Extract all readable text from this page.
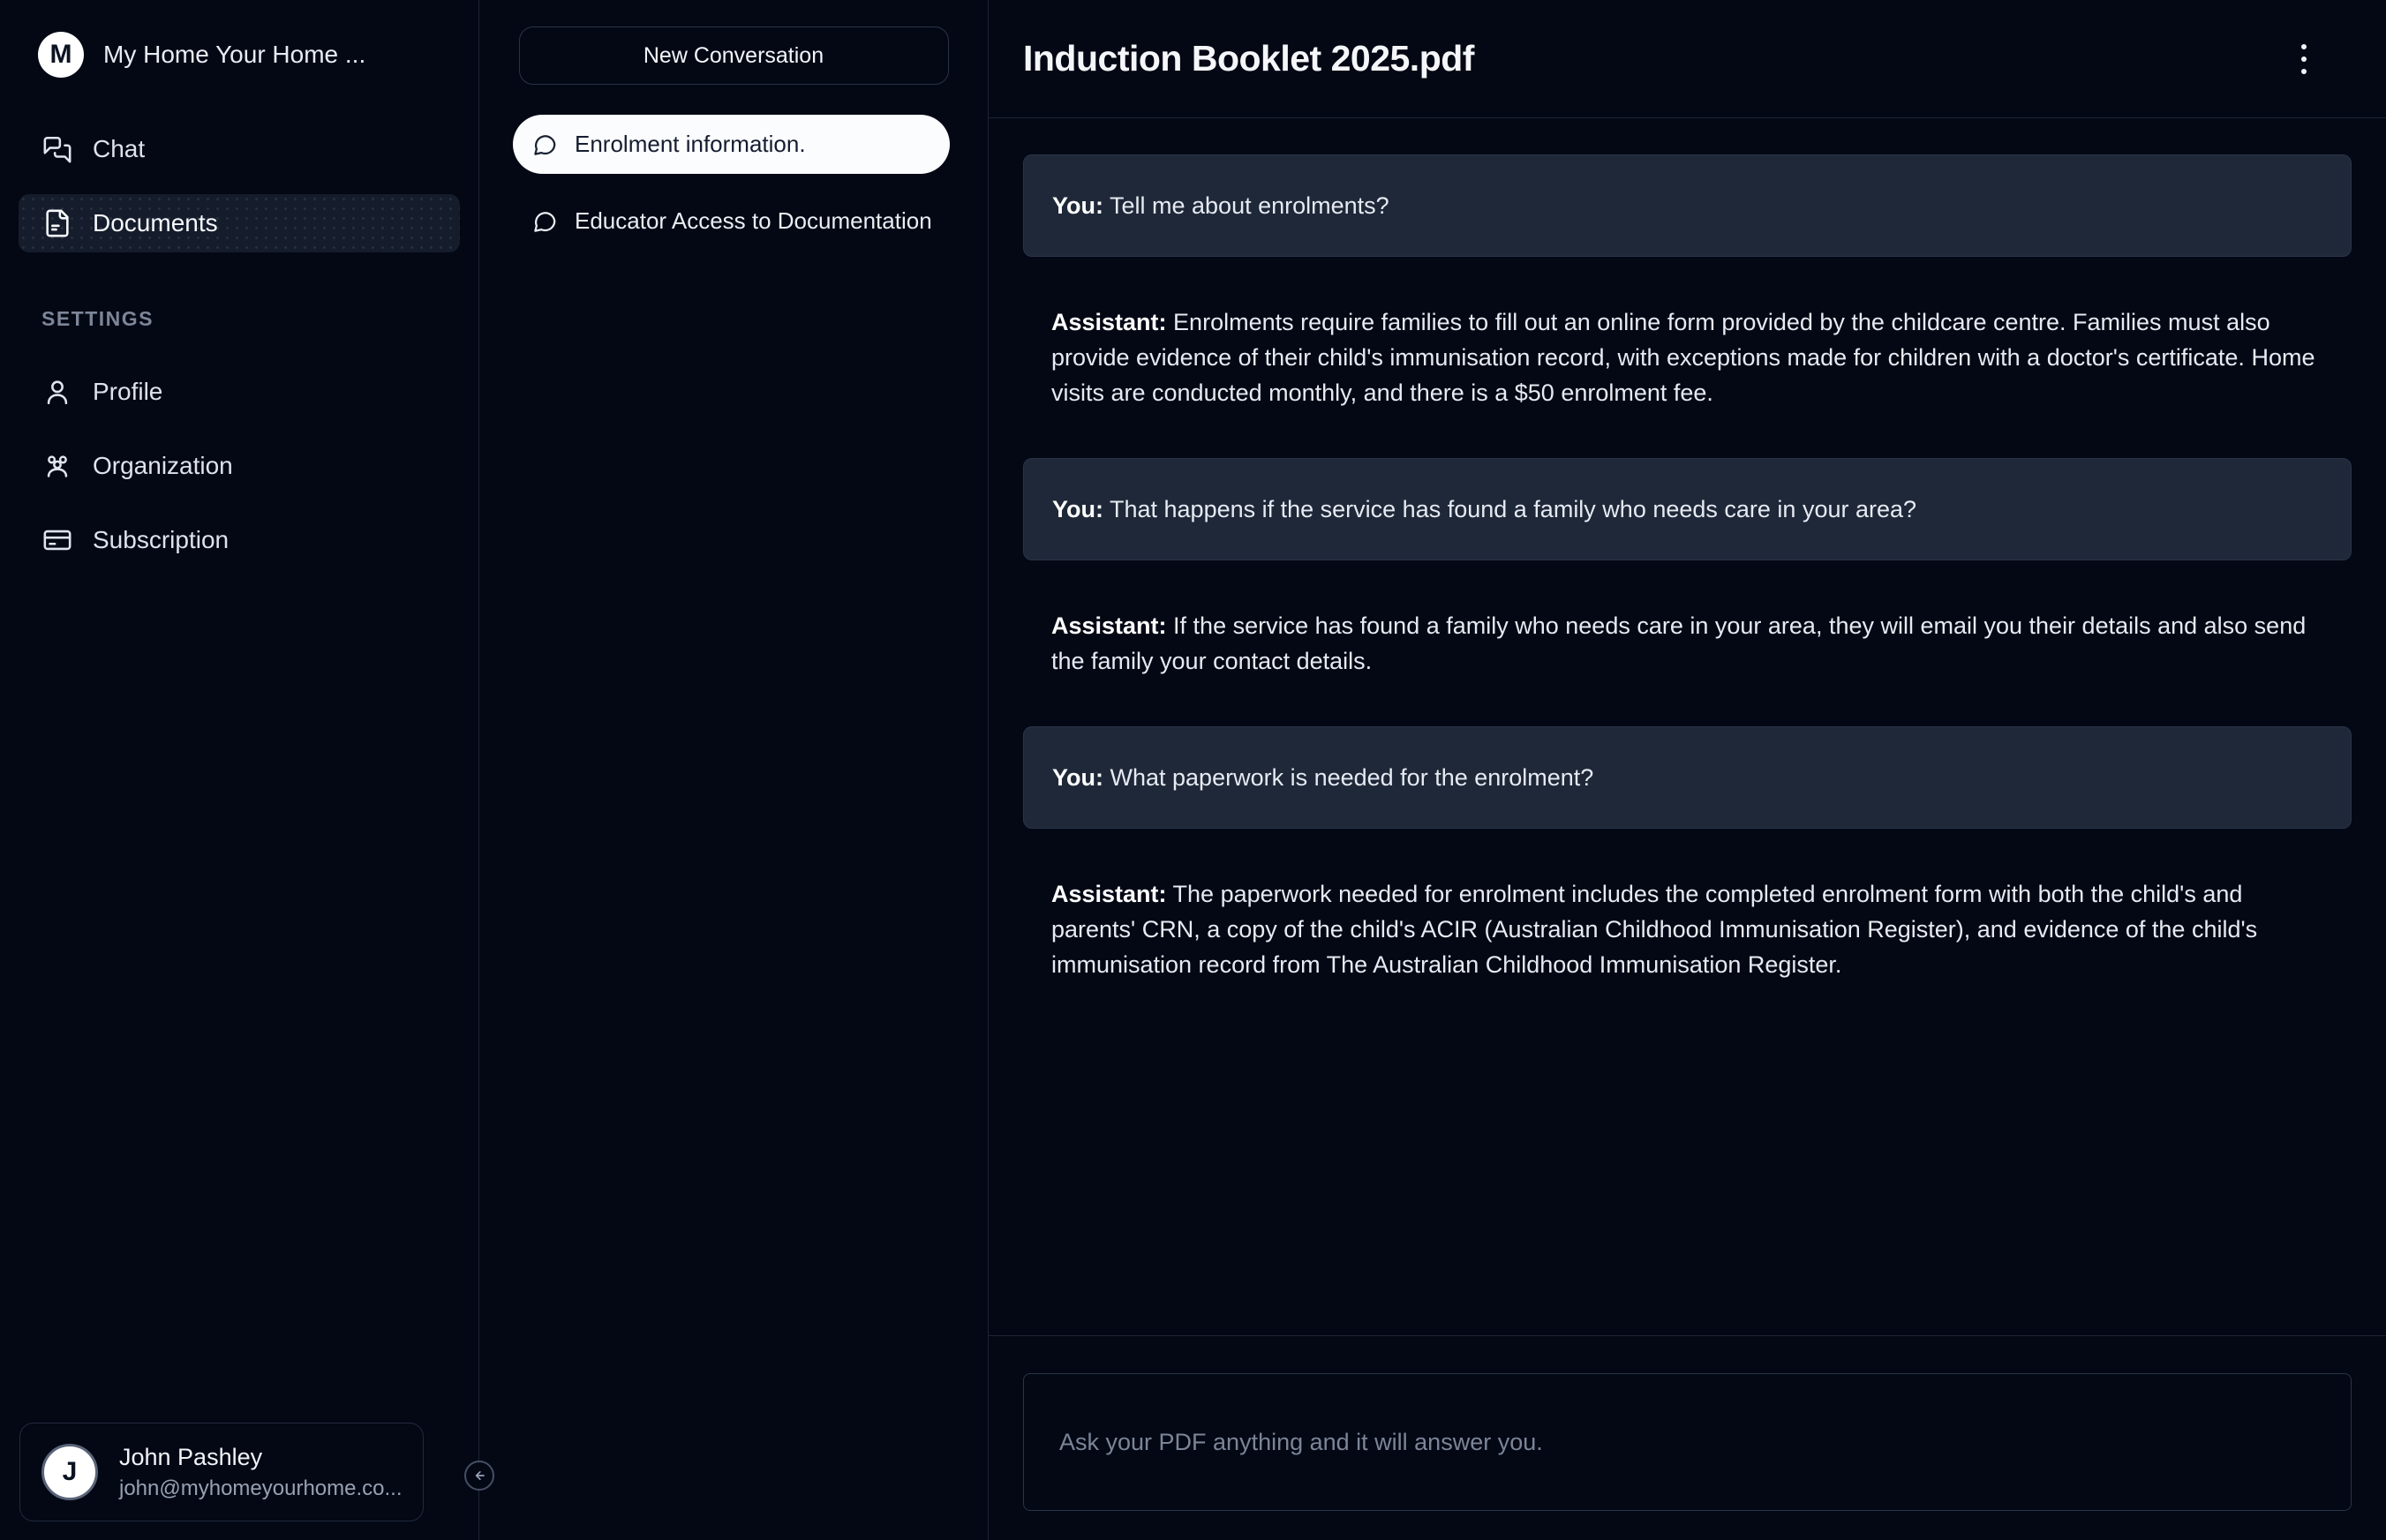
M	My Home Your Home ...
Chat
Documents
SETTINGS
Profile
Organization
Subscription
J
John Pashley
john@myhomeyourhome.co...
New Conversation
Enrolment information.
Educator Access to Documentation
Induction Booklet 2025.pdf
You: Tell me about enrolments?
Assistant: Enrolments require families to fill out an online form provided by the childcare centre. Families must also provide evidence of their child's immunisation record, with exceptions made for children with a doctor's certificate. Home visits are conducted monthly, and there is a $50 enrolment fee.
You: That happens if the service has found a family who needs care in your area?
Assistant: If the service has found a family who needs care in your area, they will email you their details and also send the family your contact details.
You: What paperwork is needed for the enrolment?
Assistant: The paperwork needed for enrolment includes the completed enrolment form with both the child's and parents' CRN, a copy of the child's ACIR (Australian Childhood Immunisation Register), and evidence of the child's immunisation record from The Australian Childhood Immunisation Register.
Ask your PDF anything and it will answer you.
